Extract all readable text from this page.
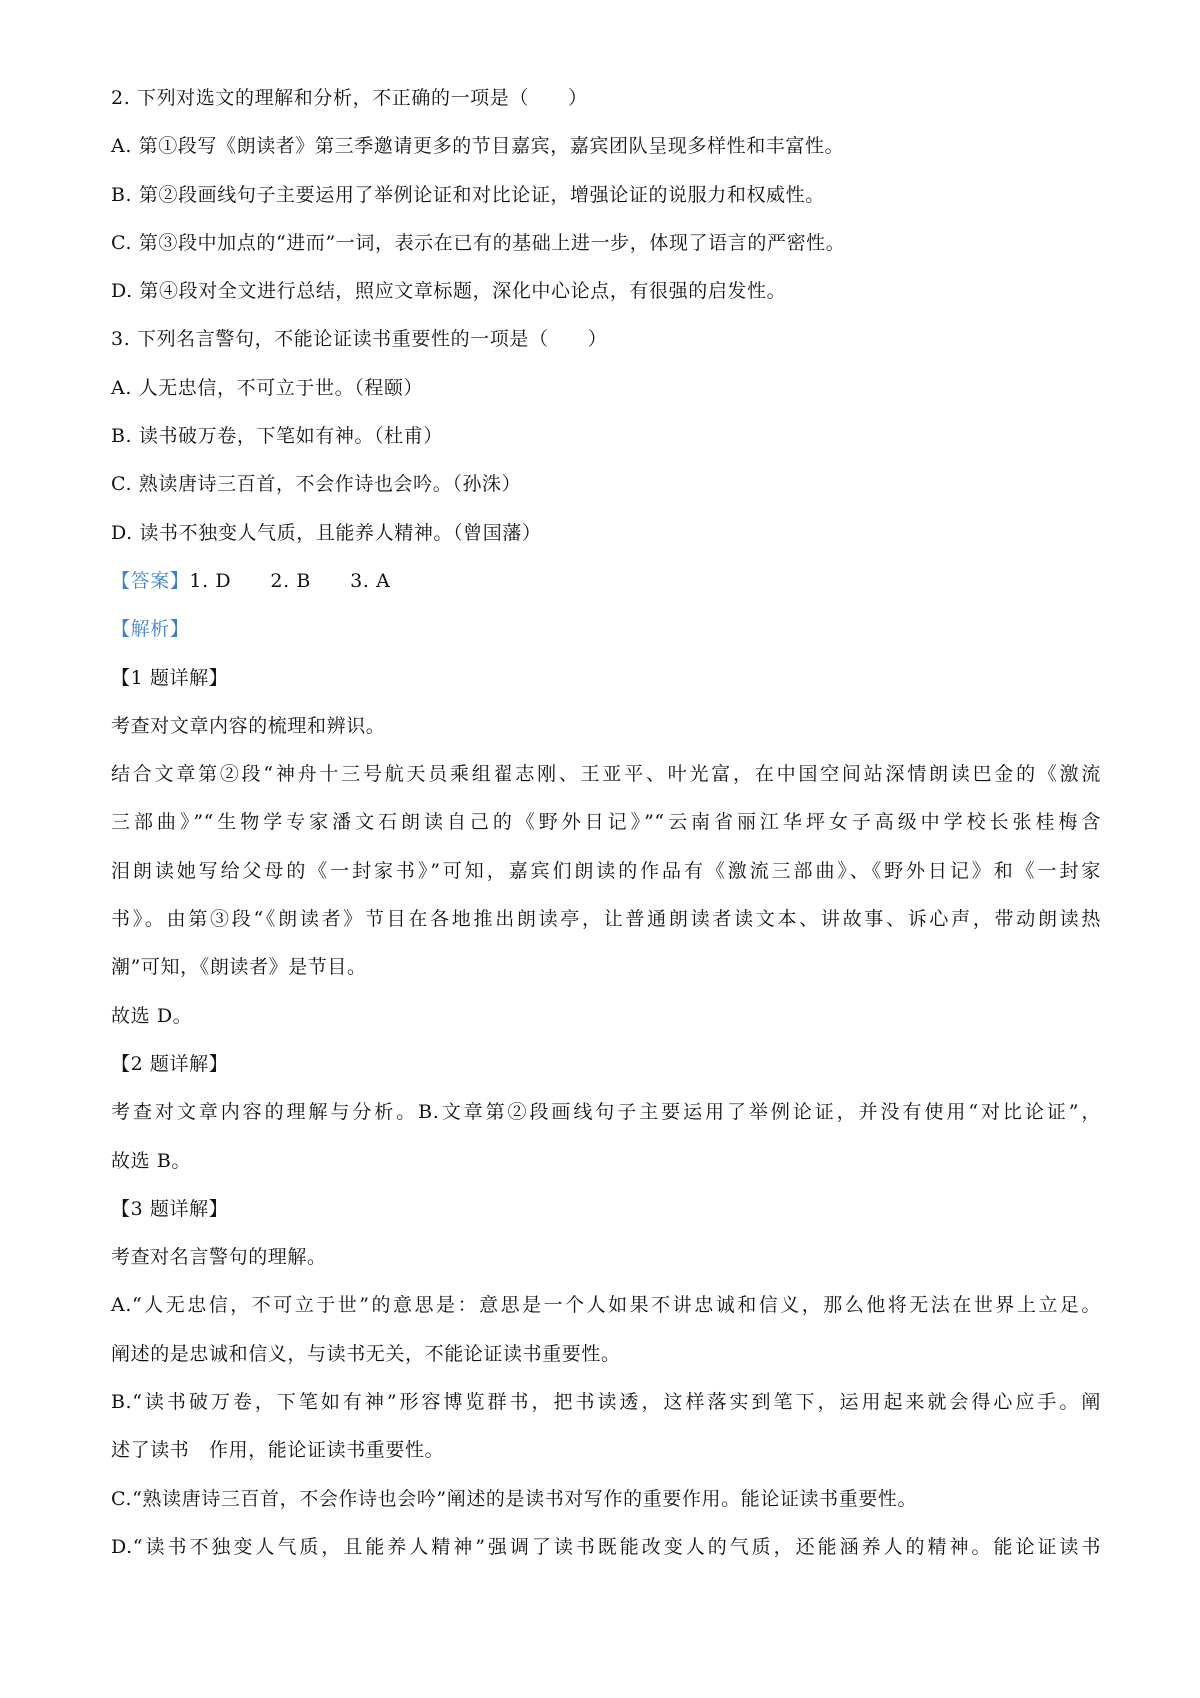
2. 下列对选文的理解和分析，不正确的一项是（　　）
A. 第①段写《朗读者》第三季邀请更多的节目嘉宾，嘉宾团队呈现多样性和丰富性。
B. 第②段画线句子主要运用了举例论证和对比论证，增强论证的说服力和权威性。
C. 第③段中加点的“进而”一词，表示在已有的基础上进一步，体现了语言的严密性。
D. 第④段对全文进行总结，照应文章标题，深化中心论点，有很强的启发性。
3. 下列名言警句，不能论证读书重要性的一项是（　　）
A. 人无忠信，不可立于世。（程颐）
B. 读书破万卷，下笔如有神。（杜甫）
C. 熟读唐诗三百首，不会作诗也会吟。（孙洙）
D. 读书不独变人气质，且能养人精神。（曾国藩）
【答案】1. D　　2. B　　3. A
【解析】
【1 题详解】
考查对文章内容的梳理和辨识。
结合文章第②段“神舟十三号航天员乘组翟志刚、王亚平、叶光富，在中国空间站深情朗读巴金的《激流
三部曲》”“生物学专家潘文石朗读自己的《野外日记》”“云南省丽江华坪女子高级中学校长张桂梅含
泪朗读她写给父母的《一封家书》”可知，嘉宾们朗读的作品有《激流三部曲》、《野外日记》和《一封家
书》。由第③段“《朗读者》节目在各地推出朗读亭，让普通朗读者读文本、讲故事、诉心声，带动朗读热
潮”可知，《朗读者》是节目。
故选 D。
【2 题详解】
考查对文章内容的理解与分析。B.文章第②段画线句子主要运用了举例论证，并没有使用“对比论证”，
故选 B。
【3 题详解】
考查对名言警句的理解。
A.“人无忠信，不可立于世”的意思是：意思是一个人如果不讲忠诚和信义，那么他将无法在世界上立足。
阐述的是忠诚和信义，与读书无关，不能论证读书重要性。
B.“读书破万卷，下笔如有神”形容博览群书，把书读透，这样落实到笔下，运用起来就会得心应手。阐
述了读书　作用，能论证读书重要性。
C.“熟读唐诗三百首，不会作诗也会吟”阐述的是读书对写作的重要作用。能论证读书重要性。
D.“读书不独变人气质，且能养人精神”强调了读书既能改变人的气质，还能涵养人的精神。能论证读书
